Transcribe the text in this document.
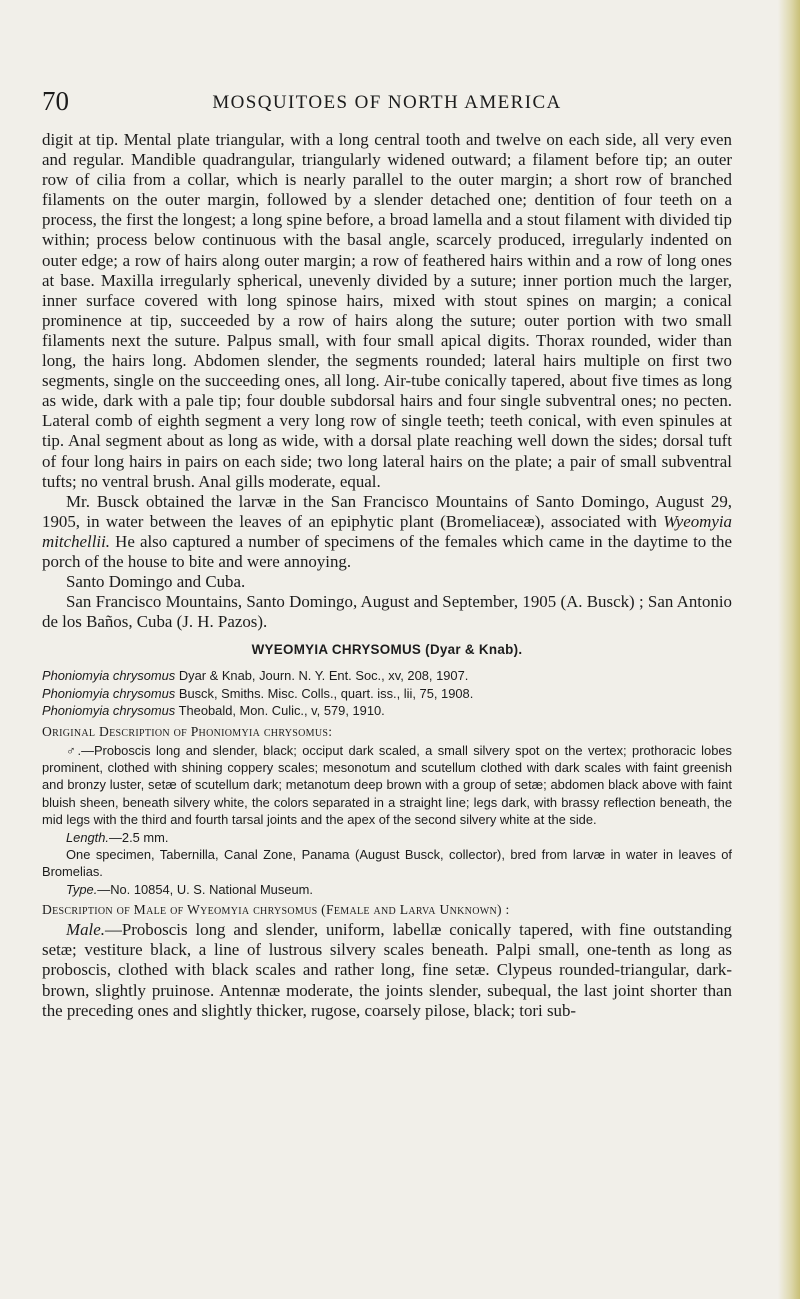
70	MOSQUITOES OF NORTH AMERICA

digit at tip. Mental plate triangular, with a long central tooth and twelve on each side, all very even and regular. Mandible quadrangular, triangularly widened outward; a filament before tip; an outer row of cilia from a collar, which is nearly parallel to the outer margin; a short row of branched filaments on the outer margin, followed by a slender detached one; dentition of four teeth on a process, the first the longest; a long spine before, a broad lamella and a stout filament with divided tip within; process below continuous with the basal angle, scarcely produced, irregularly indented on outer edge; a row of hairs along outer margin; a row of feathered hairs within and a row of long ones at base. Maxilla irregularly spherical, unevenly divided by a suture; inner portion much the larger, inner surface covered with long spinose hairs, mixed with stout spines on margin; a conical prominence at tip, succeeded by a row of hairs along the suture; outer portion with two small filaments next the suture. Palpus small, with four small apical digits. Thorax rounded, wider than long, the hairs long. Abdomen slender, the segments rounded; lateral hairs multiple on first two segments, single on the succeeding ones, all long. Air-tube conically tapered, about five times as long as wide, dark with a pale tip; four double subdorsal hairs and four single subventral ones; no pecten. Lateral comb of eighth segment a very long row of single teeth; teeth conical, with even spinules at tip. Anal segment about as long as wide, with a dorsal plate reaching well down the sides; dorsal tuft of four long hairs in pairs on each side; two long lateral hairs on the plate; a pair of small subventral tufts; no ventral brush. Anal gills moderate, equal.

Mr. Busck obtained the larvæ in the San Francisco Mountains of Santo Domingo, August 29, 1905, in water between the leaves of an epiphytic plant (Bromeliaceæ), associated with Wyeomyia mitchellii. He also captured a number of specimens of the females which came in the daytime to the porch of the house to bite and were annoying.

Santo Domingo and Cuba.

San Francisco Mountains, Santo Domingo, August and September, 1905 (A. Busck) ; San Antonio de los Baños, Cuba (J. H. Pazos).

WYEOMYIA CHRYSOMUS (Dyar & Knab).

Phoniomyia chrysomus Dyar & Knab, Journ. N. Y. Ent. Soc., xv, 208, 1907.

Phoniomyia chrysomus Busck, Smiths. Misc. Colls., quart. iss., lii, 75, 1908.

Phoniomyia chrysomus Theobald, Mon. Culic., v, 579, 1910.

Original Description of Phoniomyia chrysomus:

♂.—Proboscis long and slender, black; occiput dark scaled, a small silvery spot on the vertex; prothoracic lobes prominent, clothed with shining coppery scales; mesonotum and scutellum clothed with dark scales with faint greenish and bronzy luster, setæ of scutellum dark; metanotum deep brown with a group of setæ; abdomen black above with faint bluish sheen, beneath silvery white, the colors separated in a straight line; legs dark, with brassy reflection beneath, the mid legs with the third and fourth tarsal joints and the apex of the second silvery white at the side.

Length.—2.5 mm.

One specimen, Tabernilla, Canal Zone, Panama (August Busck, collector), bred from larvæ in water in leaves of Bromelias.

Type.—No. 10854, U. S. National Museum.

Description of Male of Wyeomyia chrysomus (Female and Larva Unknown) :

Male.—Proboscis long and slender, uniform, labellæ conically tapered, with fine outstanding setæ; vestiture black, a line of lustrous silvery scales beneath. Palpi small, one-tenth as long as proboscis, clothed with black scales and rather long, fine setæ. Clypeus rounded-triangular, dark-brown, slightly pruinose. Antennæ moderate, the joints slender, subequal, the last joint shorter than the preceding ones and slightly thicker, rugose, coarsely pilose, black; tori sub-
